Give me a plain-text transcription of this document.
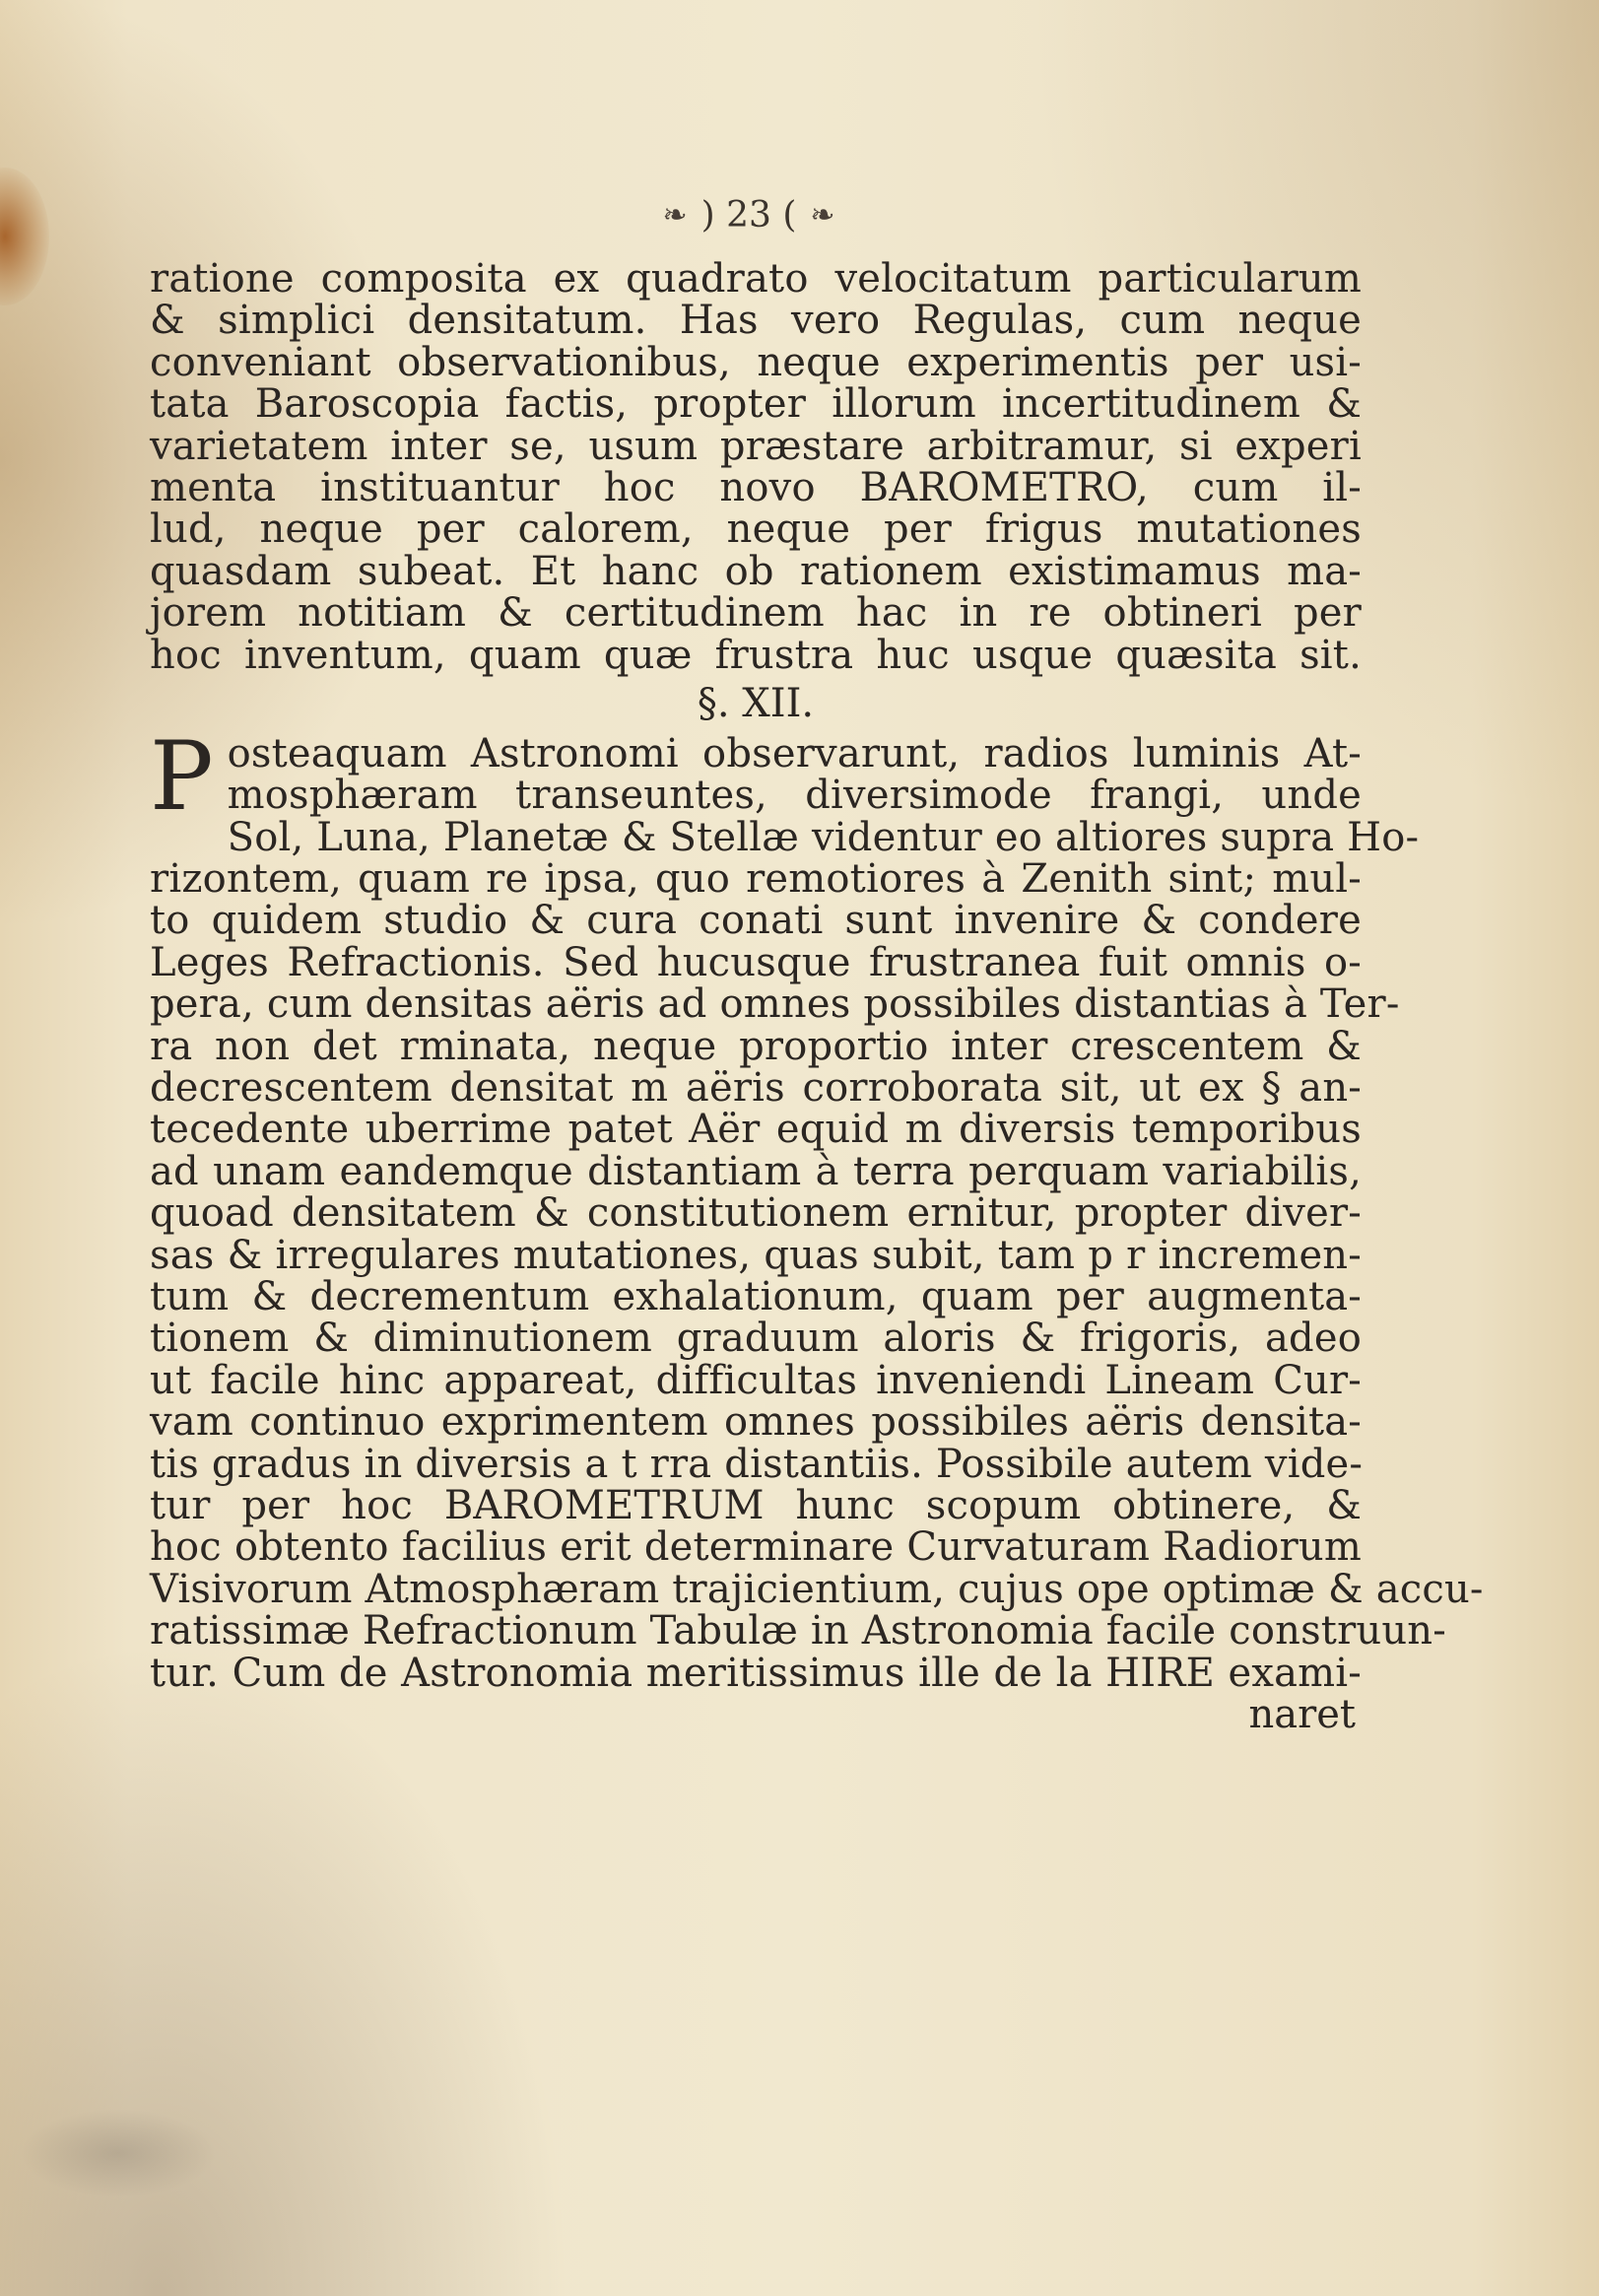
❧ ) 23 ( ❧
ratione composita ex quadrato velocitatum particularum
& simplici densitatum. Has vero Regulas, cum neque
conveniant observationibus, neque experimentis per usi-
tata Baroscopia factis, propter illorum incertitudinem &
varietatem inter se, usum præstare arbitramur, si experi
menta instituantur hoc novo BAROMETRO, cum il-
lud, neque per calorem, neque per frigus mutationes
quasdam subeat. Et hanc ob rationem existimamus ma-
jorem notitiam & certitudinem hac in re obtineri per
hoc inventum, quam quæ frustra huc usque quæsita sit.
§. XII.
P osteaquam Astronomi observarunt, radios luminis At-
mosphæram transeuntes, diversimode frangi, unde
Sol, Luna, Planetæ & Stellæ videntur eo altiores supra Ho-
rizontem, quam re ipsa, quo remotiores à Zenith sint; mul-
to quidem studio & cura conati sunt invenire & condere
Leges Refractionis. Sed hucusque frustranea fuit omnis o-
pera, cum densitas aëris ad omnes possibiles distantias à Ter-
ra non det rminata, neque proportio inter crescentem &
decrescentem densitat m aëris corroborata sit, ut ex § an-
tecedente uberrime patet Aër equid m diversis temporibus
ad unam eandemque distantiam à terra perquam variabilis,
quoad densitatem & constitutionem ernitur, propter diver-
sas & irregulares mutationes, quas subit, tam p r incremen-
tum & decrementum exhalationum, quam per augmenta-
tionem & diminutionem graduum aloris & frigoris, adeo
ut facile hinc appareat, difficultas inveniendi Lineam Cur-
vam continuo exprimentem omnes possibiles aëris densita-
tis gradus in diversis a t rra distantiis. Possibile autem vide-
tur per hoc BAROMETRUM hunc scopum obtinere, &
hoc obtento facilius erit determinare Curvaturam Radiorum
Visivorum Atmosphæram trajicientium, cujus ope optimæ & accu-
ratissimæ Refractionum Tabulæ in Astronomia facile construun-
tur. Cum de Astronomia meritissimus ille de la HIRE exami-
naret
